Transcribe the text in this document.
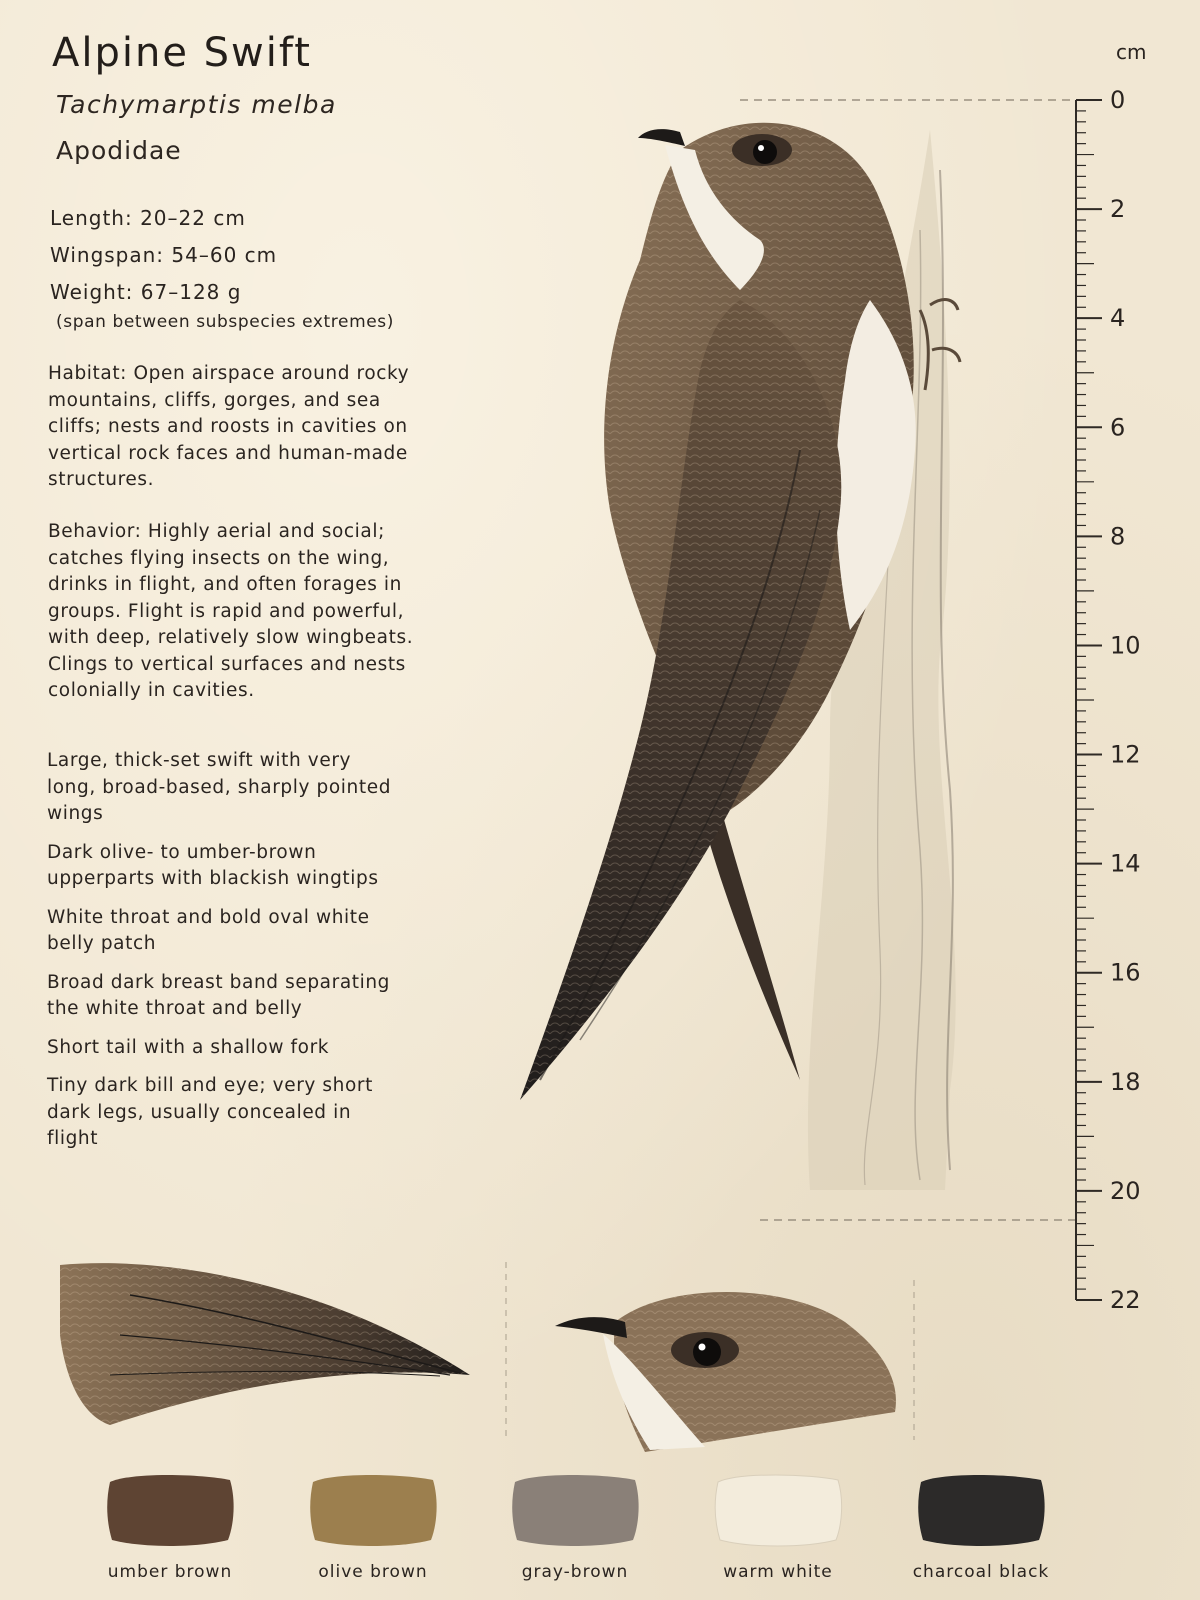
Alpine Swift
Tachymarptis melba
Apodidae
Length: 20–22 cm
Wingspan: 54–60 cm
Weight: 67–128 g
(span between subspecies extremes)
Habitat: Open airspace around rocky mountains, cliffs, gorges, and sea cliffs; nests and roosts in cavities on vertical rock faces and human-made structures.
Behavior: Highly aerial and social; catches flying insects on the wing, drinks in flight, and often forages in groups. Flight is rapid and powerful, with deep, relatively slow wingbeats. Clings to vertical surfaces and nests colonially in cavities.
Large, thick-set swift with very long, broad-based, sharply pointed wings
Dark olive- to umber-brown upperparts with blackish wingtips
White throat and bold oval white belly patch
Broad dark breast band separating the white throat and belly
Short tail with a shallow fork
Tiny dark bill and eye; very short dark legs, usually concealed in flight
cm
0
2
4
6
8
10
12
14
16
18
20
22
umber brown	olive brown	gray-brown	warm white	charcoal black
